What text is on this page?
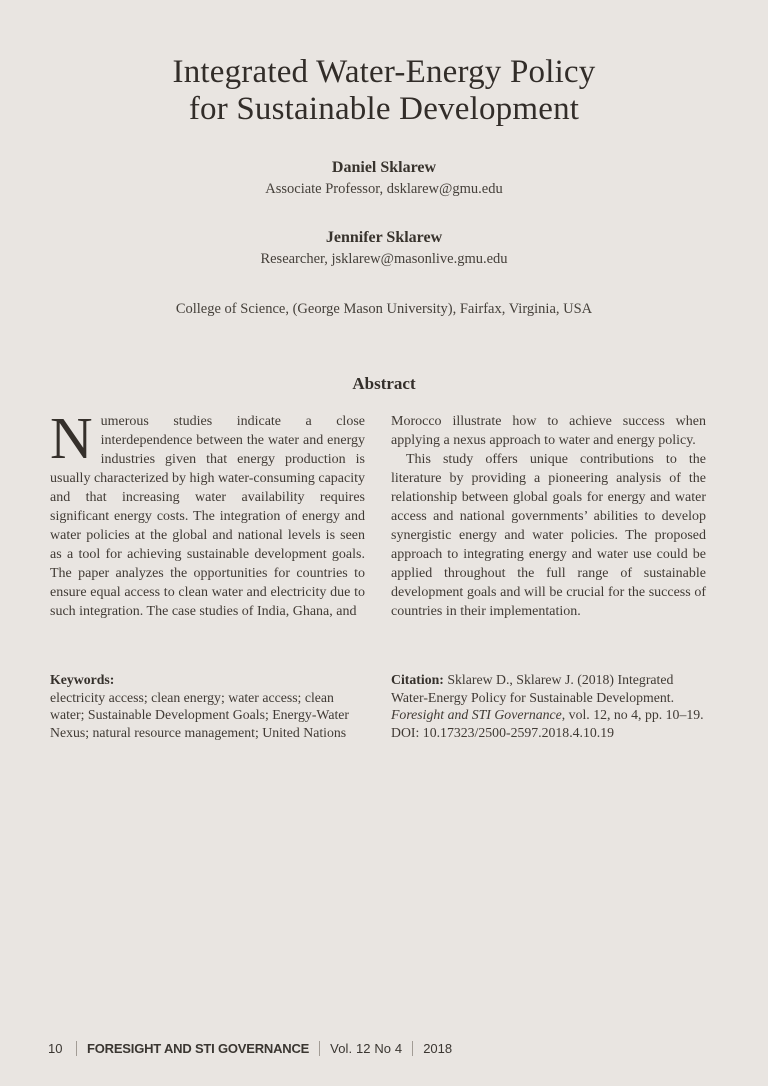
Integrated Water-Energy Policy
for Sustainable Development
Daniel Sklarew
Associate Professor, dsklarew@gmu.edu
Jennifer Sklarew
Researcher, jsklarew@masonlive.gmu.edu
College of Science, (George Mason University), Fairfax, Virginia, USA
Abstract

Numerous studies indicate a close interdependence between the water and energy industries given that energy production is usually characterized by high water-consuming capacity and that increasing water availability requires significant energy costs. The integration of energy and water policies at the global and national levels is seen as a tool for achieving sustainable development goals. The paper analyzes the opportunities for countries to ensure equal access to clean water and electricity due to such integration. The case studies of India, Ghana, and

Morocco illustrate how to achieve success when applying a nexus approach to water and energy policy.

This study offers unique contributions to the literature by providing a pioneering analysis of the relationship between global goals for energy and water access and national governments’ abilities to develop synergistic energy and water policies. The proposed approach to integrating energy and water use could be applied throughout the full range of sustainable development goals and will be crucial for the success of countries in their implementation.

Keywords:
electricity access; clean energy; water access; clean water; Sustainable Development Goals; Energy-Water Nexus; natural resource management; United Nations
Citation: Sklarew D., Sklarew J. (2018) Integrated Water-Energy Policy for Sustainable Development. Foresight and STI Governance, vol. 12, no 4, pp. 10–19.
DOI: 10.17323/2500-2597.2018.4.10.19
10 FORESIGHT AND STI GOVERNANCE Vol. 12 No 4 2018
